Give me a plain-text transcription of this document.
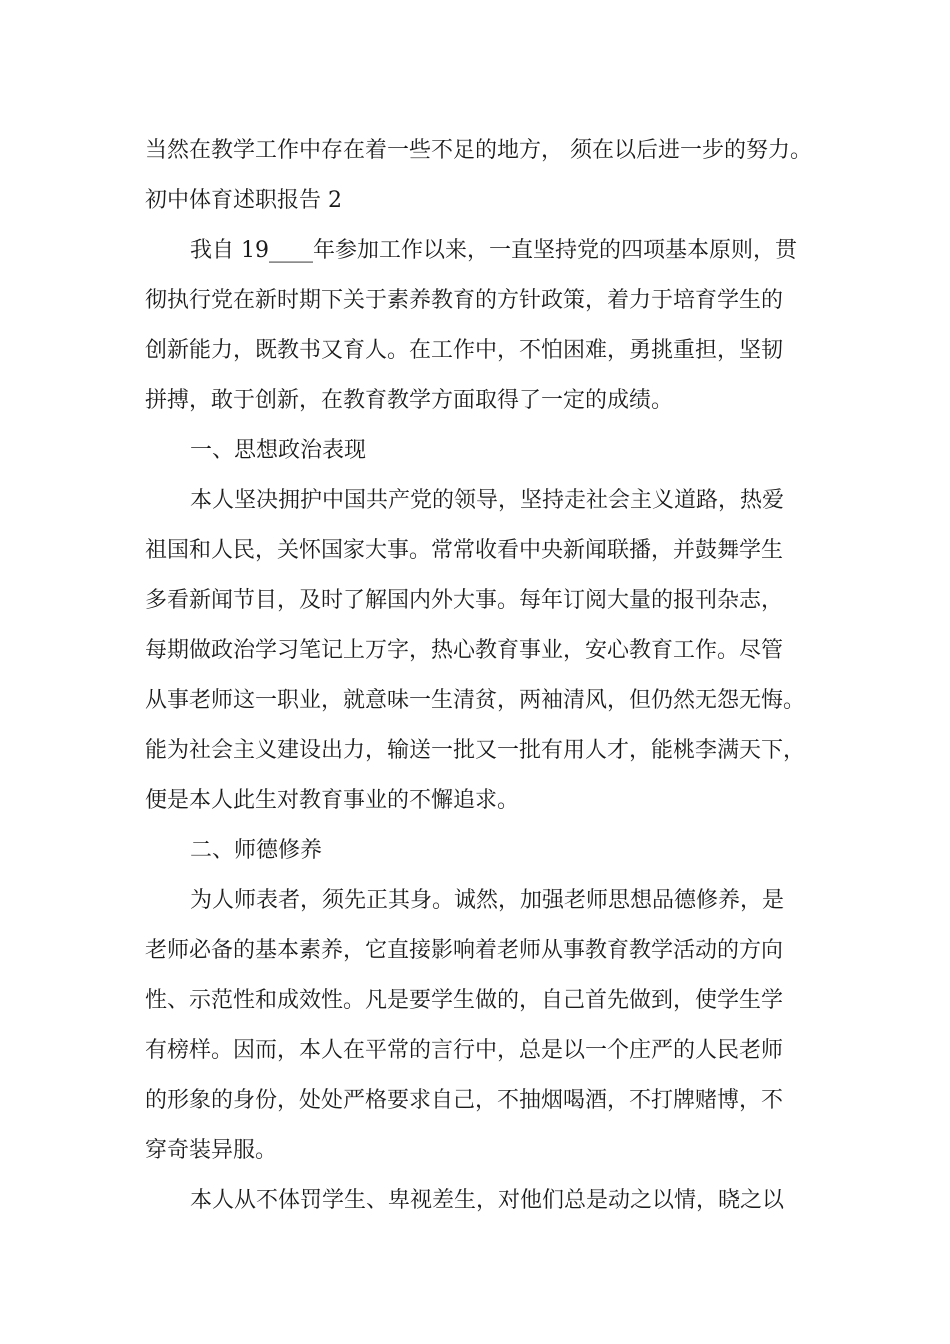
当然在教学工作中存在着一些不足的地方， 须在以后进一步的努力。
初中体育述职报告 2
我自 19____年参加工作以来，一直坚持党的四项基本原则，贯
彻执行党在新时期下关于素养教育的方针政策，着力于培育学生的
创新能力，既教书又育人。在工作中，不怕困难，勇挑重担，坚韧
拼搏，敢于创新，在教育教学方面取得了一定的成绩。
一、思想政治表现
本人坚决拥护中国共产党的领导，坚持走社会主义道路，热爱
祖国和人民，关怀国家大事。常常收看中央新闻联播，并鼓舞学生
多看新闻节目，及时了解国内外大事。每年订阅大量的报刊杂志，
每期做政治学习笔记上万字，热心教育事业，安心教育工作。尽管
从事老师这一职业，就意味一生清贫，两袖清风，但仍然无怨无悔。
能为社会主义建设出力，输送一批又一批有用人才，能桃李满天下，
便是本人此生对教育事业的不懈追求。
二、师德修养
为人师表者，须先正其身。诚然，加强老师思想品德修养，是
老师必备的基本素养，它直接影响着老师从事教育教学活动的方向
性、示范性和成效性。凡是要学生做的，自己首先做到，使学生学
有榜样。因而，本人在平常的言行中，总是以一个庄严的人民老师
的形象的身份，处处严格要求自己，不抽烟喝酒，不打牌赌博，不
穿奇装异服。
本人从不体罚学生、卑视差生，对他们总是动之以情，晓之以
